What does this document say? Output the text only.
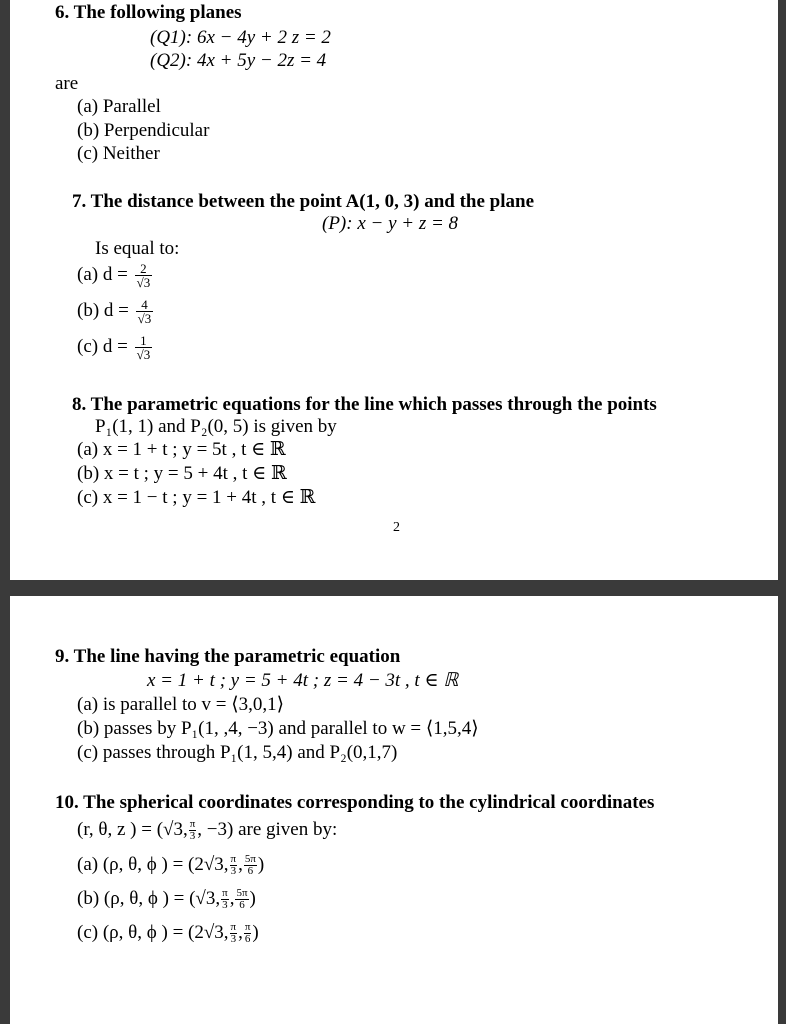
6. The following planes
(Q1): 6x − 4y + 2 z = 2
(Q2): 4x + 5y − 2z = 4
are
(a) Parallel
(b) Perpendicular
(c) Neither
7. The distance between the point A(1, 0, 3) and the plane
(P): x − y + z = 8
Is equal to:
(a) $d = \frac{2}{√3}$
(b) $d = \frac{4}{√3}$
(c) $d = \frac{1}{√3}$
8. The parametric equations for the line which passes through the points
P₁(1, 1) and P₂(0, 5) is given by
(a) x = 1 + t ; y = 5t , t ∈ ℝ
(b) x = t ; y = 5 + 4t , t ∈ ℝ
(c) x = 1 − t ; y = 1 + 4t , t ∈ ℝ
2
9. The line having the parametric equation
x = 1 + t ; y = 5 + 4t ; z = 4 − 3t , t ∈ ℝ
(a) is parallel to v = ⟨3,0,1⟩
(b) passes by P₁(1, ,4, −3) and parallel to w = ⟨1,5,4⟩
(c) passes through P₁(1, 5,4) and P₂(0,1,7)
10. The spherical coordinates corresponding to the cylindrical coordinates
(r, θ, z ) = (√3, $\frac{\pi}{3}$ , −3) are given by:
(a) (ρ, θ, ϕ ) = (2√3, $\frac{\pi}{3}$ , $\frac{5\pi}{6}$ )
(b) (ρ, θ, ϕ ) = (√3, $\frac{\pi}{3}$ , $\frac{5\pi}{6}$ )
(c) (ρ, θ, ϕ ) = (2√3, $\frac{\pi}{3}$ , $\frac{\pi}{6}$ )
